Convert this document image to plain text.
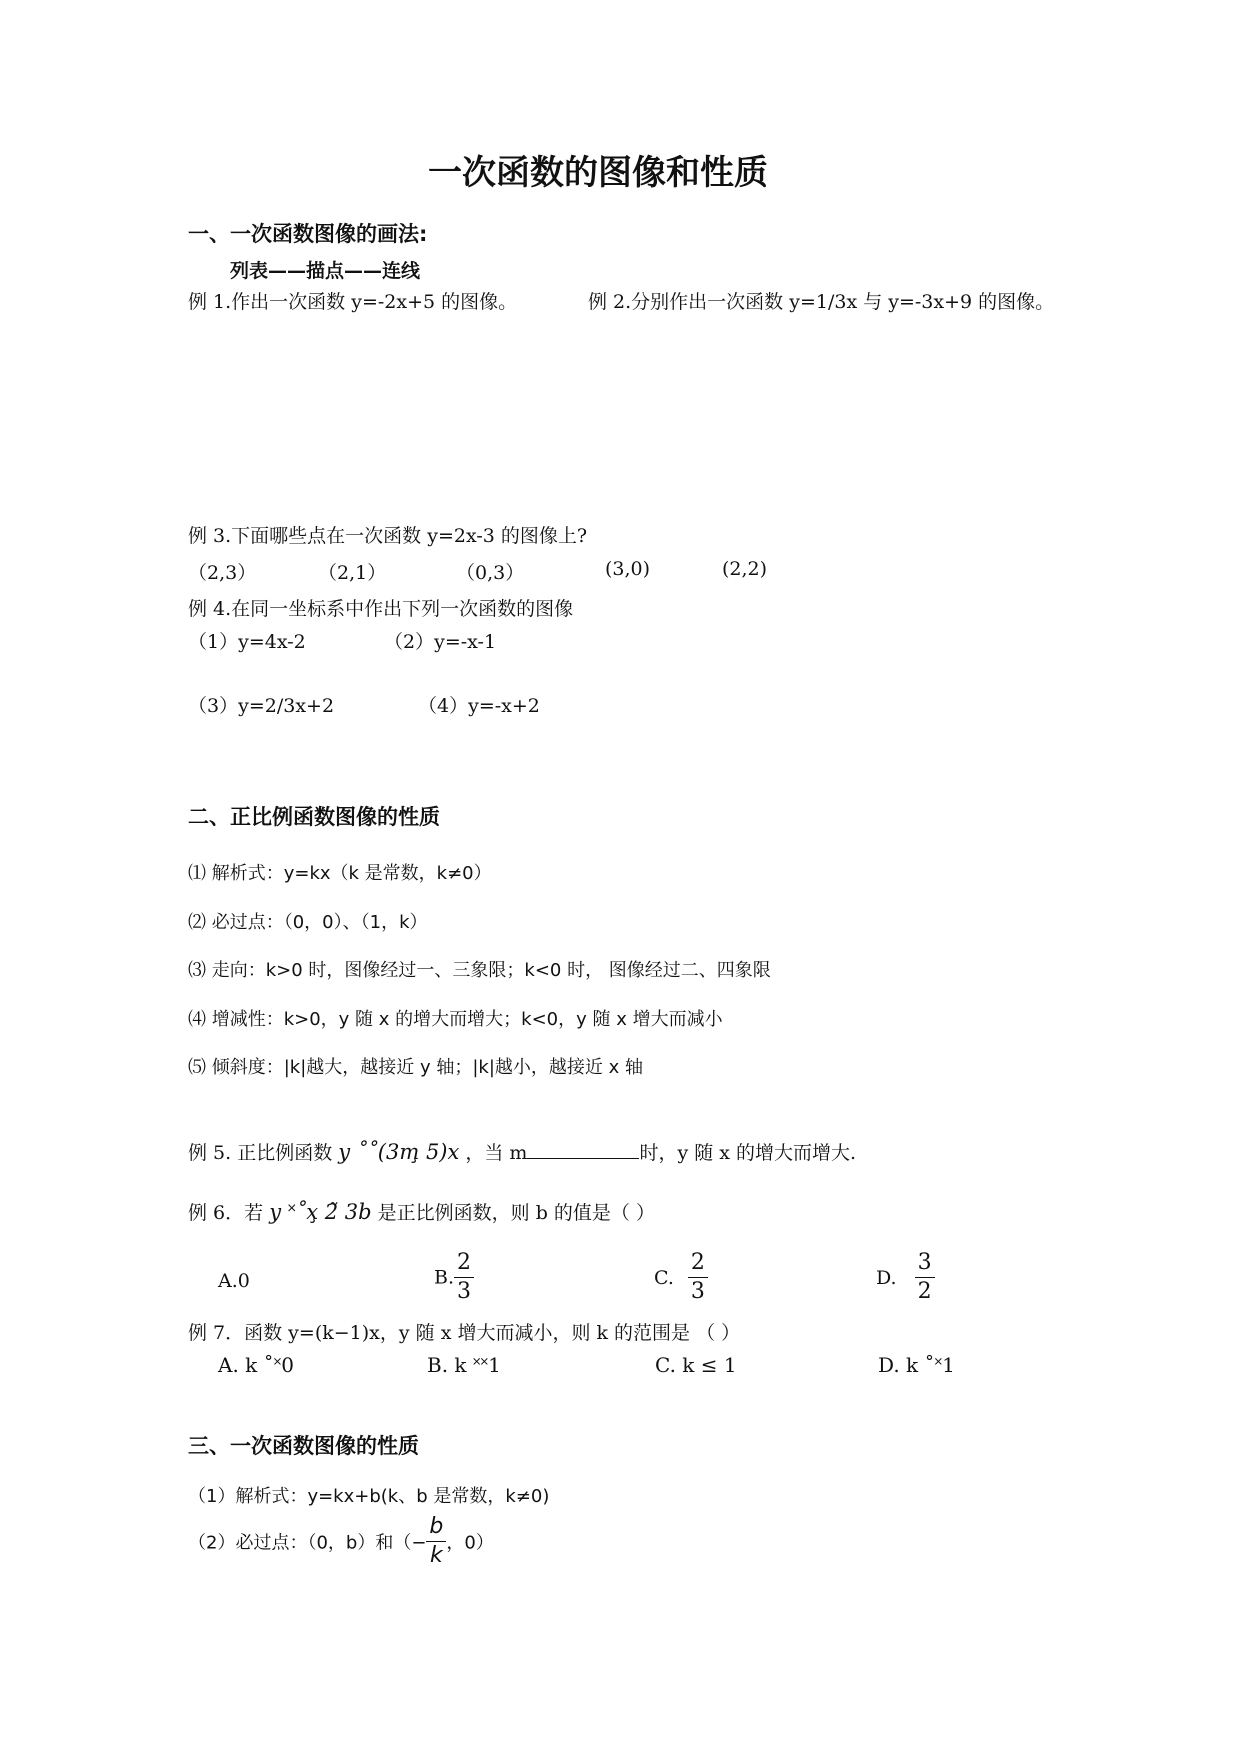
一次函数的图像和性质
一、一次函数图像的画法:
列表——描点——连线
例 1.作出一次函数 y=-2x+5 的图像。	例 2.分别作出一次函数 y=1/3x 与 y=-3x+9 的图像。
例 3.下面哪些点在一次函数 y=2x-3 的图像上?
（2,3）	（2,1）	（0,3）	(3,0)	(2,2)
例 4.在同一坐标系中作出下列一次函数的图像
（1）y=4x-2	（2）y=-x-1
（3）y=2/3x+2	（4）y=-x+2
二、正比例函数图像的性质
⑴ 解析式：y=kx（k 是常数，k≠0）
⑵ 必过点：（0，0）、（1，k）
⑶ 走向：k>0 时，图像经过一、三象限；k<0 时， 图像经过二、四象限
⑷ 增减性：k>0，y 随 x 的增大而增大；k<0，y 随 x 增大而减小
⑸ 倾斜度：|k|越大，越接近 y 轴；|k|越小，越接近 x 轴
例 5. 正比例函数 y ˚˚(3m̧ 5)x ，当 m	时，y 随 x 的增大而增大.
例 6．若 y ˟˚x̧ 2̃ 3b 是正比例函数，则 b 的值是（ ）
A.0	B. $\frac{2}{3}$	C. $\frac{2}{3}$	D. $\frac{3}{2}$
例 7．函数 y=(k−1)x，y 随 x 增大而减小，则 k 的范围是 （ ）
A. k ˚˟0	B. k ˟˟1	C. k ≤ 1	D. k ˚˟1
三、一次函数图像的性质
（1）解析式：y=kx+b(k、b 是常数，k≠0)
（2）必过点：（0，b）和（− $\frac{b}{k}$ ，0）
